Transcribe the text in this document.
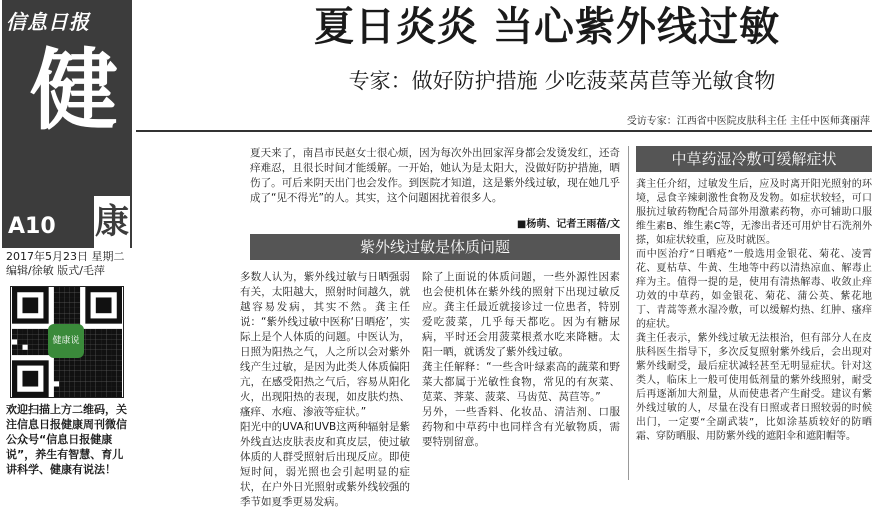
信息日报
健
A10 康
2017年5月23日 星期二
编辑/徐敏 版式/毛萍
健康说
欢迎扫描上方二维码，关注信息日报健康周刊微信公众号“信息日报健康说”，养生有智慧、育儿讲科学、健康有说法！
夏日炎炎 当心紫外线过敏
专家：做好防护措施 少吃菠菜莴苣等光敏食物
受访专家：江西省中医院皮肤科主任 主任中医师龚丽萍
夏天来了，南昌市民赵女士很心烦，因为每次外出回家浑身都会发烫发红，还奇痒难忍，且很长时间才能缓解。一开始，她认为是太阳大，没做好防护措施，晒伤了。可后来阴天出门也会发作。到医院才知道，这是紫外线过敏，现在她几乎成了“见不得光”的人。其实，这个问题困扰着很多人。
■杨萌、记者王雨蓓/文
紫外线过敏是体质问题
多数人认为，紫外线过敏与日晒强弱有关，太阳越大，照射时间越久，就越容易发病，其实不然。龚主任说：“紫外线过敏中医称‘日晒疮’，实际上是个人体质的问题。中医认为，日照为阳热之气，人之所以会对紫外线产生过敏，是因为此类人体质偏阳亢，在感受阳热之气后，容易从阳化火，出现阳热的表现，如皮肤灼热、瘙痒、水疱、渗液等症状。”
阳光中的UVA和UVB这两种辐射是紫外线直达皮肤表皮和真皮层，使过敏体质的人群受照射后出现反应。即使短时间，弱光照也会引起明显的症状，在户外日光照射或紫外线较强的季节如夏季更易发病。
除了上面说的体质问题，一些外源性因素也会使机体在紫外线的照射下出现过敏反应。龚主任最近就接诊过一位患者，特别爱吃菠菜，几乎每天都吃。因为有糖尿病，平时还会用菠菜根煮水吃来降糖。太阳一晒，就诱发了紫外线过敏。
龚主任解释：“一些含叶绿素高的蔬菜和野菜大都属于光敏性食物，常见的有灰菜、苋菜、荠菜、菠菜、马齿苋、莴苣等。”
另外，一些香料、化妆品、清洁剂、口服药物和中草药中也同样含有光敏物质，需要特别留意。
中草药湿冷敷可缓解症状
龚主任介绍，过敏发生后，应及时离开阳光照射的环境，忌食辛辣刺激性食物及发物。如症状较轻，可口服抗过敏药物配合局部外用激素药物，亦可辅助口服维生素B、维生素C等，无渗出者还可用炉甘石洗剂外搽，如症状较重，应及时就医。
而中医治疗“日晒疮”一般选用金银花、菊花、凌霄花、夏枯草、牛黄、生地等中药以清热凉血、解毒止痒为主。值得一提的是，使用有清热解毒、收敛止痒功效的中草药，如金银花、菊花、蒲公英、紫花地丁、青蒿等煮水湿冷敷，可以缓解灼热、红肿、瘙痒的症状。
龚主任表示，紫外线过敏无法根治，但有部分人在皮肤科医生指导下，多次反复照射紫外线后，会出现对紫外线耐受，最后症状减轻甚至无明显症状。针对这类人，临床上一般可使用低剂量的紫外线照射，耐受后再逐渐加大剂量，从而使患者产生耐受。建议有紫外线过敏的人，尽量在没有日照或者日照较弱的时候出门，一定要“全副武装”，比如涂基质较好的防晒霜、穿防晒服、用防紫外线的遮阳伞和遮阳帽等。
